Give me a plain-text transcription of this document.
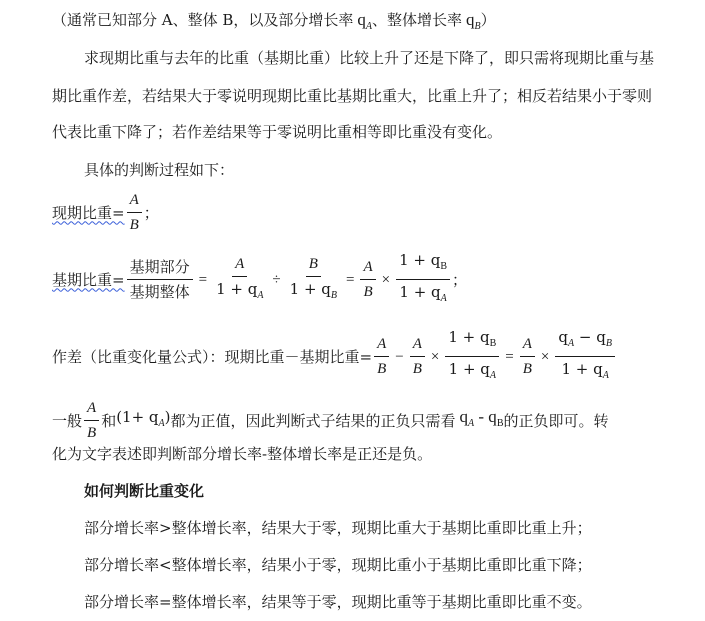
（通常已知部分 A、整体 B，以及部分增长率 $q_A$、整体增长率 $q_B$）
求现期比重与去年的比重（基期比重）比较上升了还是下降了，即只需将现期比重与基
期比重作差，若结果大于零说明现期比重比基期比重大，比重上升了；相反若结果小于零则
代表比重下降了；若作差结果等于零说明比重相等即比重没有变化。
具体的判断过程如下：
现期比重= $\frac{A}{B}$ ；
基期比重= $\frac{\text{基期部分}}{\text{基期整体}} = \frac{A}{1 + q_A} \div \frac{B}{1 + q_B} = \frac{A}{B} \times \frac{1 + q_B}{1 + q_A}$ ；
作差（比重变化量公式）：现期比重－基期比重= $\frac{A}{B} - \frac{A}{B} \times \frac{1 + q_B}{1 + q_A} = \frac{A}{B} \times \frac{q_A - q_B}{1 + q_A}$
一般 $\frac{A}{B}$ 和 $(1+ q_A)$ 都为正值，因此判断式子结果的正负只需看 $q_A - q_B$ 的正负即可。转
化为文字表述即判断部分增长率-整体增长率是正还是负。
如何判断比重变化
部分增长率>整体增长率，结果大于零，现期比重大于基期比重即比重上升；
部分增长率<整体增长率，结果小于零，现期比重小于基期比重即比重下降；
部分增长率=整体增长率，结果等于零，现期比重等于基期比重即比重不变。
